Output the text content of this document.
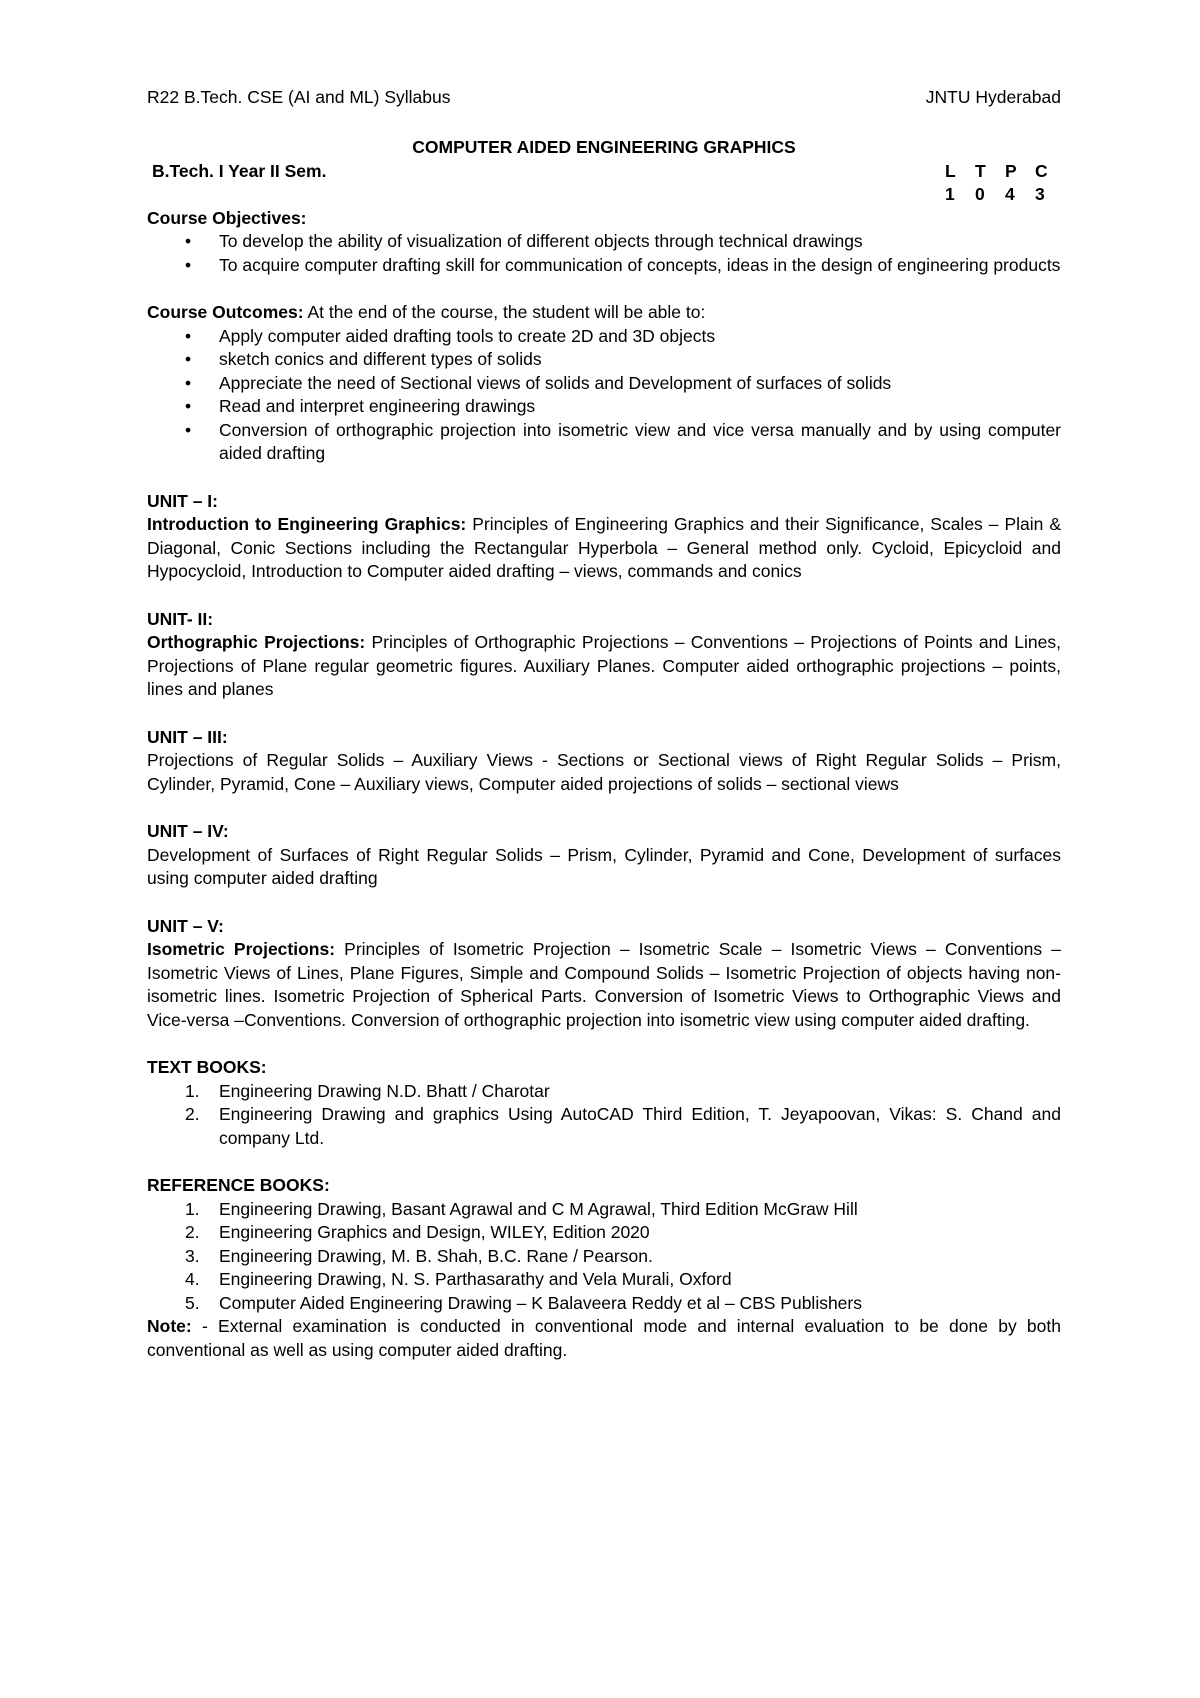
R22 B.Tech. CSE (AI and ML) Syllabus	JNTU Hyderabad
COMPUTER AIDED ENGINEERING GRAPHICS
B.Tech. I Year II Sem.	L	T	P	C
1	0	4	3
Course Objectives:
• To develop the ability of visualization of different objects through technical drawings
• To acquire computer drafting skill for communication of concepts, ideas in the design of engineering products

Course Outcomes: At the end of the course, the student will be able to:

• Apply computer aided drafting tools to create 2D and 3D objects
• sketch conics and different types of solids
• Appreciate the need of Sectional views of solids and Development of surfaces of solids
• Read and interpret engineering drawings
• Conversion of orthographic projection into isometric view and vice versa manually and by using computer aided drafting
UNIT – I:

Introduction to Engineering Graphics: Principles of Engineering Graphics and their Significance, Scales – Plain & Diagonal, Conic Sections including the Rectangular Hyperbola – General method only. Cycloid, Epicycloid and Hypocycloid, Introduction to Computer aided drafting – views, commands and conics

UNIT- II:

Orthographic Projections: Principles of Orthographic Projections – Conventions – Projections of Points and Lines, Projections of Plane regular geometric figures. Auxiliary Planes. Computer aided orthographic projections – points, lines and planes

UNIT – III:

Projections of Regular Solids – Auxiliary Views - Sections or Sectional views of Right Regular Solids – Prism, Cylinder, Pyramid, Cone – Auxiliary views, Computer aided projections of solids – sectional views

UNIT – IV:

Development of Surfaces of Right Regular Solids – Prism, Cylinder, Pyramid and Cone, Development of surfaces using computer aided drafting

UNIT – V:

Isometric Projections: Principles of Isometric Projection – Isometric Scale – Isometric Views – Conventions – Isometric Views of Lines, Plane Figures, Simple and Compound Solids – Isometric Projection of objects having non- isometric lines. Isometric Projection of Spherical Parts. Conversion of Isometric Views to Orthographic Views and Vice-versa –Conventions. Conversion of orthographic projection into isometric view using computer aided drafting.

TEXT BOOKS:
1. Engineering Drawing N.D. Bhatt / Charotar
2. Engineering Drawing and graphics Using AutoCAD Third Edition, T. Jeyapoovan, Vikas: S. Chand and company Ltd.
REFERENCE BOOKS:
1. Engineering Drawing, Basant Agrawal and C M Agrawal, Third Edition McGraw Hill
2. Engineering Graphics and Design, WILEY, Edition 2020
3. Engineering Drawing, M. B. Shah, B.C. Rane / Pearson.
4. Engineering Drawing, N. S. Parthasarathy and Vela Murali, Oxford
5. Computer Aided Engineering Drawing – K Balaveera Reddy et al – CBS Publishers

Note: - External examination is conducted in conventional mode and internal evaluation to be done by both conventional as well as using computer aided drafting.
